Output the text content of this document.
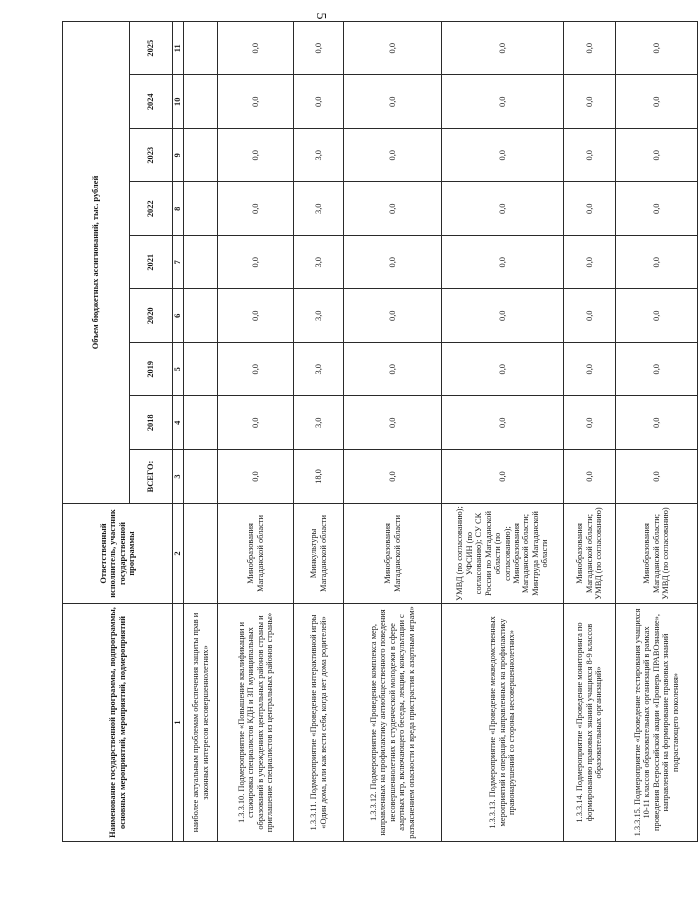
5
Наименование государственной программы, подпрограммы, основных мероприятий, мероприятий, подмероприятий	Ответственный исполнитель, участник государственной программы	Объем бюджетных ассигнований, тыс. рублей								
		ВСЕГО:	2018	2019	2020	2021	2022	2023	2024	2025
1	2	3	4	5	6	7	8	9	10	11
наиболее актуальным проблемам обеспечения защиты прав и законных интересов несовершеннолетних»										
1.3.3.10. Подмероприятие «Повышение квалификации и стажировка специалистов КДН и ЗП муниципальных образований в учреждениях центральных районов страны и приглашение специалистов из центральных районов страны»	Минобразования Магаданской области	0,0	0,0	0,0	0,0	0,0	0,0	0,0	0,0	0,0
1.3.3.11. Подмероприятие «Проведение интерактивной игры «Один дома, или как вести себя, когда нет дома родителей»	Минкультуры Магаданской области	18,0	3,0	3,0	3,0	3,0	3,0	3,0	0,0	0,0
1.3.3.12. Подмероприятие «Проведение комплекса мер, направленных на профилактику антиобщественного поведения несовершеннолетних в студенческой молодежи в сфере азартных игр, включающего беседы, лекции, консультации с разъяснением опасности и вреда пристрастия к азартным играм»	Минобразования Магаданской области	0,0	0,0	0,0	0,0	0,0	0,0	0,0	0,0	0,0
1.3.3.13. Подмероприятие «Проведение межведомственных мероприятий и операций, направленных на профилактику правонарушений со стороны несовершеннолетних»	УМВД (по согласованию); УФСИН (по согласованию); СУ СК России по Магаданской области (по согласованию); Минобразования Магаданской области; Минтруда Магаданской области	0,0	0,0	0,0	0,0	0,0	0,0	0,0	0,0	0,0
1.3.3.14. Подмероприятие «Проведение мониторинга по формированию правовых знаний учащихся 8-9 классов образовательных организаций»	Минобразования Магаданской области; УМВД (по согласованию)	0,0	0,0	0,0	0,0	0,0	0,0	0,0	0,0	0,0
1.3.3.15. Подмероприятие «Проведение тестирования учащихся 10-11 классов образовательных организаций в рамках проведения Всероссийской акции «Проверь ПРАВОзнание», направленной на формирование правовых знаний подрастающего поколения»	Минобразования Магаданской области; УМВД (по согласованию)	0,0	0,0	0,0	0,0	0,0	0,0	0,0	0,0	0,0
